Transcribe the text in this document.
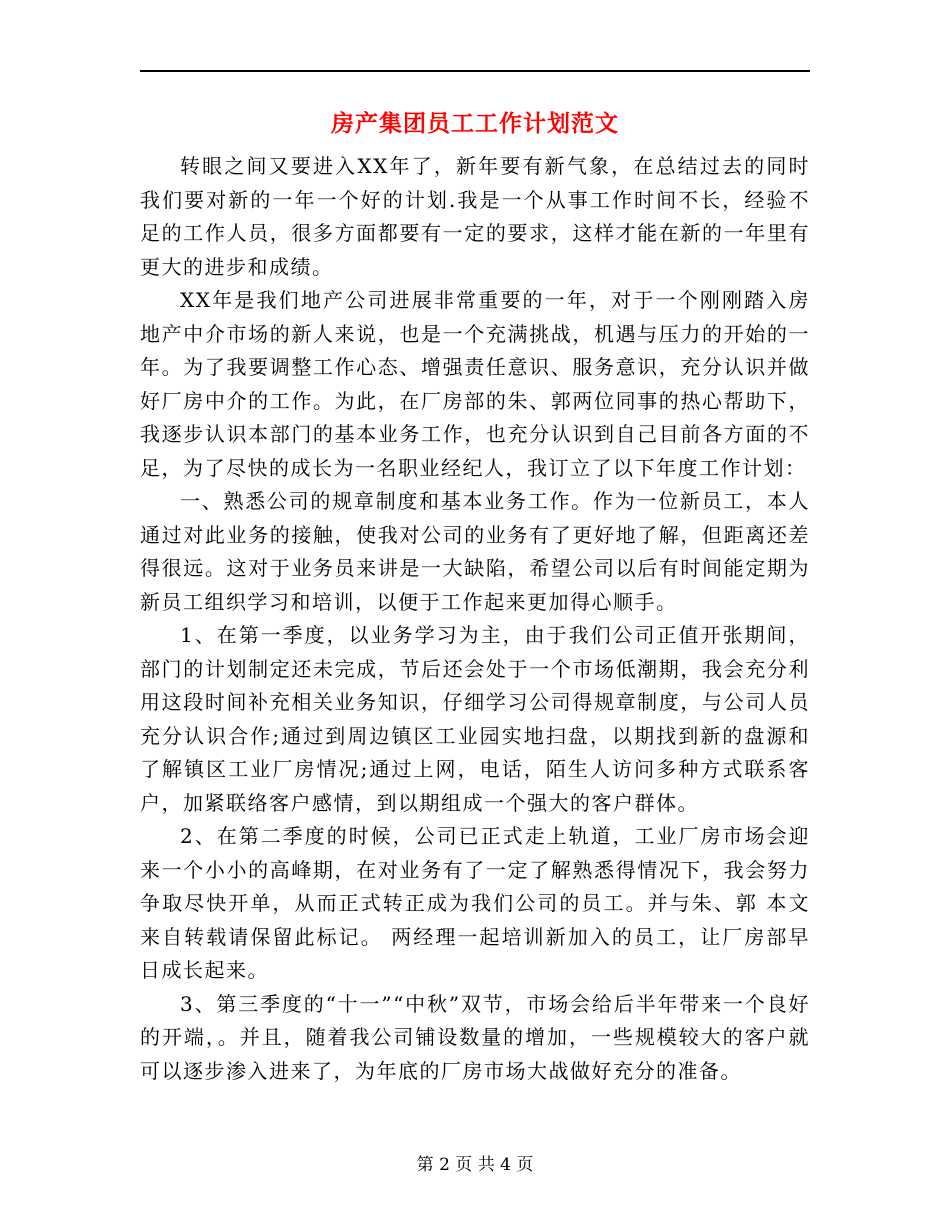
房产集团员工工作计划范文

转眼之间又要进入XX年了，新年要有新气象，在总结过去的同时我们要对新的一年一个好的计划.我是一个从事工作时间不长，经验不足的工作人员，很多方面都要有一定的要求，这样才能在新的一年里有更大的进步和成绩。

XX年是我们地产公司进展非常重要的一年，对于一个刚刚踏入房地产中介市场的新人来说，也是一个充满挑战，机遇与压力的开始的一年。为了我要调整工作心态、增强责任意识、服务意识，充分认识并做好厂房中介的工作。为此，在厂房部的朱、郭两位同事的热心帮助下，我逐步认识本部门的基本业务工作，也充分认识到自己目前各方面的不足，为了尽快的成长为一名职业经纪人，我订立了以下年度工作计划：

一、熟悉公司的规章制度和基本业务工作。作为一位新员工，本人通过对此业务的接触，使我对公司的业务有了更好地了解，但距离还差得很远。这对于业务员来讲是一大缺陷，希望公司以后有时间能定期为新员工组织学习和培训，以便于工作起来更加得心顺手。

1、在第一季度，以业务学习为主，由于我们公司正值开张期间，部门的计划制定还未完成，节后还会处于一个市场低潮期，我会充分利用这段时间补充相关业务知识，仔细学习公司得规章制度，与公司人员充分认识合作;通过到周边镇区工业园实地扫盘，以期找到新的盘源和了解镇区工业厂房情况;通过上网，电话，陌生人访问多种方式联系客户，加紧联络客户感情，到以期组成一个强大的客户群体。

2、在第二季度的时候，公司已正式走上轨道，工业厂房市场会迎来一个小小的高峰期，在对业务有了一定了解熟悉得情况下，我会努力争取尽快开单，从而正式转正成为我们公司的员工。并与朱、郭 本文来自转载请保留此标记。 两经理一起培训新加入的员工，让厂房部早日成长起来。

3、第三季度的“十一”“中秋”双节，市场会给后半年带来一个良好的开端，。并且，随着我公司铺设数量的增加，一些规模较大的客户就可以逐步渗入进来了，为年底的厂房市场大战做好充分的准备。

第 2 页 共 4 页
